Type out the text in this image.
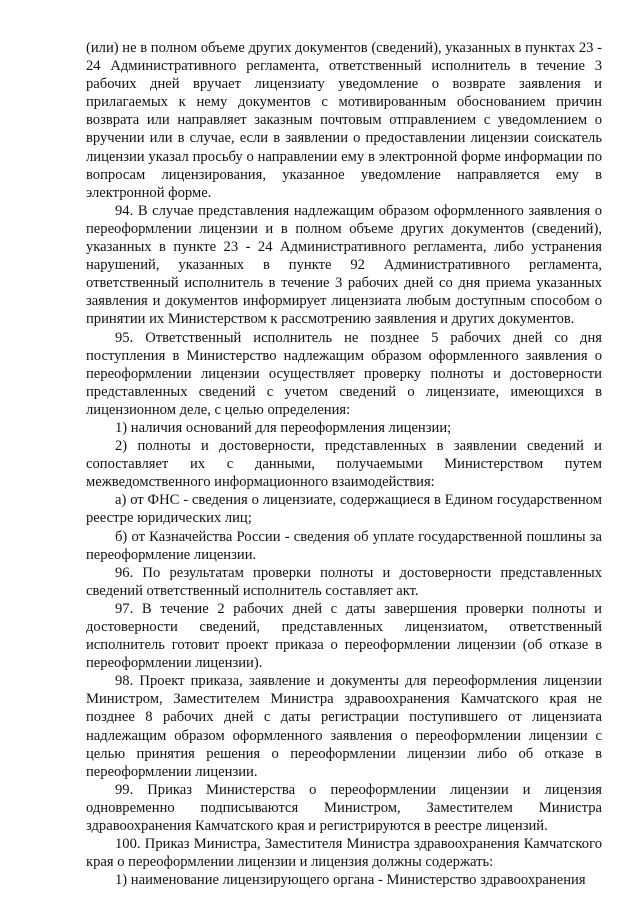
(или) не в полном объеме других документов (сведений), указанных в пунктах 23 - 24 Административного регламента, ответственный исполнитель в течение 3 рабочих дней вручает лицензиату уведомление о возврате заявления и прилагаемых к нему документов с мотивированным обоснованием причин возврата или направляет заказным почтовым отправлением с уведомлением о вручении или в случае, если в заявлении о предоставлении лицензии соискатель лицензии указал просьбу о направлении ему в электронной форме информации по вопросам лицензирования, указанное уведомление направляется ему в электронной форме.

94. В случае представления надлежащим образом оформленного заявления о переоформлении лицензии и в полном объеме других документов (сведений), указанных в пункте 23 - 24 Административного регламента, либо устранения нарушений, указанных в пункте 92 Административного регламента, ответственный исполнитель в течение 3 рабочих дней со дня приема указанных заявления и документов информирует лицензиата любым доступным способом о принятии их Министерством к рассмотрению заявления и других документов.

95. Ответственный исполнитель не позднее 5 рабочих дней со дня поступления в Министерство надлежащим образом оформленного заявления о переоформлении лицензии осуществляет проверку полноты и достоверности представленных сведений с учетом сведений о лицензиате, имеющихся в лицензионном деле, с целью определения:

1) наличия оснований для переоформления лицензии;

2) полноты и достоверности, представленных в заявлении сведений и сопоставляет их с данными, получаемыми Министерством путем межведомственного информационного взаимодействия:

а) от ФНС - сведения о лицензиате, содержащиеся в Едином государственном реестре юридических лиц;

б) от Казначейства России - сведения об уплате государственной пошлины за переоформление лицензии.

96. По результатам проверки полноты и достоверности представленных сведений ответственный исполнитель составляет акт.

97. В течение 2 рабочих дней с даты завершения проверки полноты и достоверности сведений, представленных лицензиатом, ответственный исполнитель готовит проект приказа о переоформлении лицензии (об отказе в переоформлении лицензии).

98. Проект приказа, заявление и документы для переоформления лицензии Министром, Заместителем Министра здравоохранения Камчатского края не позднее 8 рабочих дней с даты регистрации поступившего от лицензиата надлежащим образом оформленного заявления о переоформлении лицензии с целью принятия решения о переоформлении лицензии либо об отказе в переоформлении лицензии.

99. Приказ Министерства о переоформлении лицензии и лицензия одновременно подписываются Министром, Заместителем Министра здравоохранения Камчатского края и регистрируются в реестре лицензий.

100. Приказ Министра, Заместителя Министра здравоохранения Камчатского края о переоформлении лицензии и лицензия должны содержать:

1) наименование лицензирующего органа - Министерство здравоохранения
